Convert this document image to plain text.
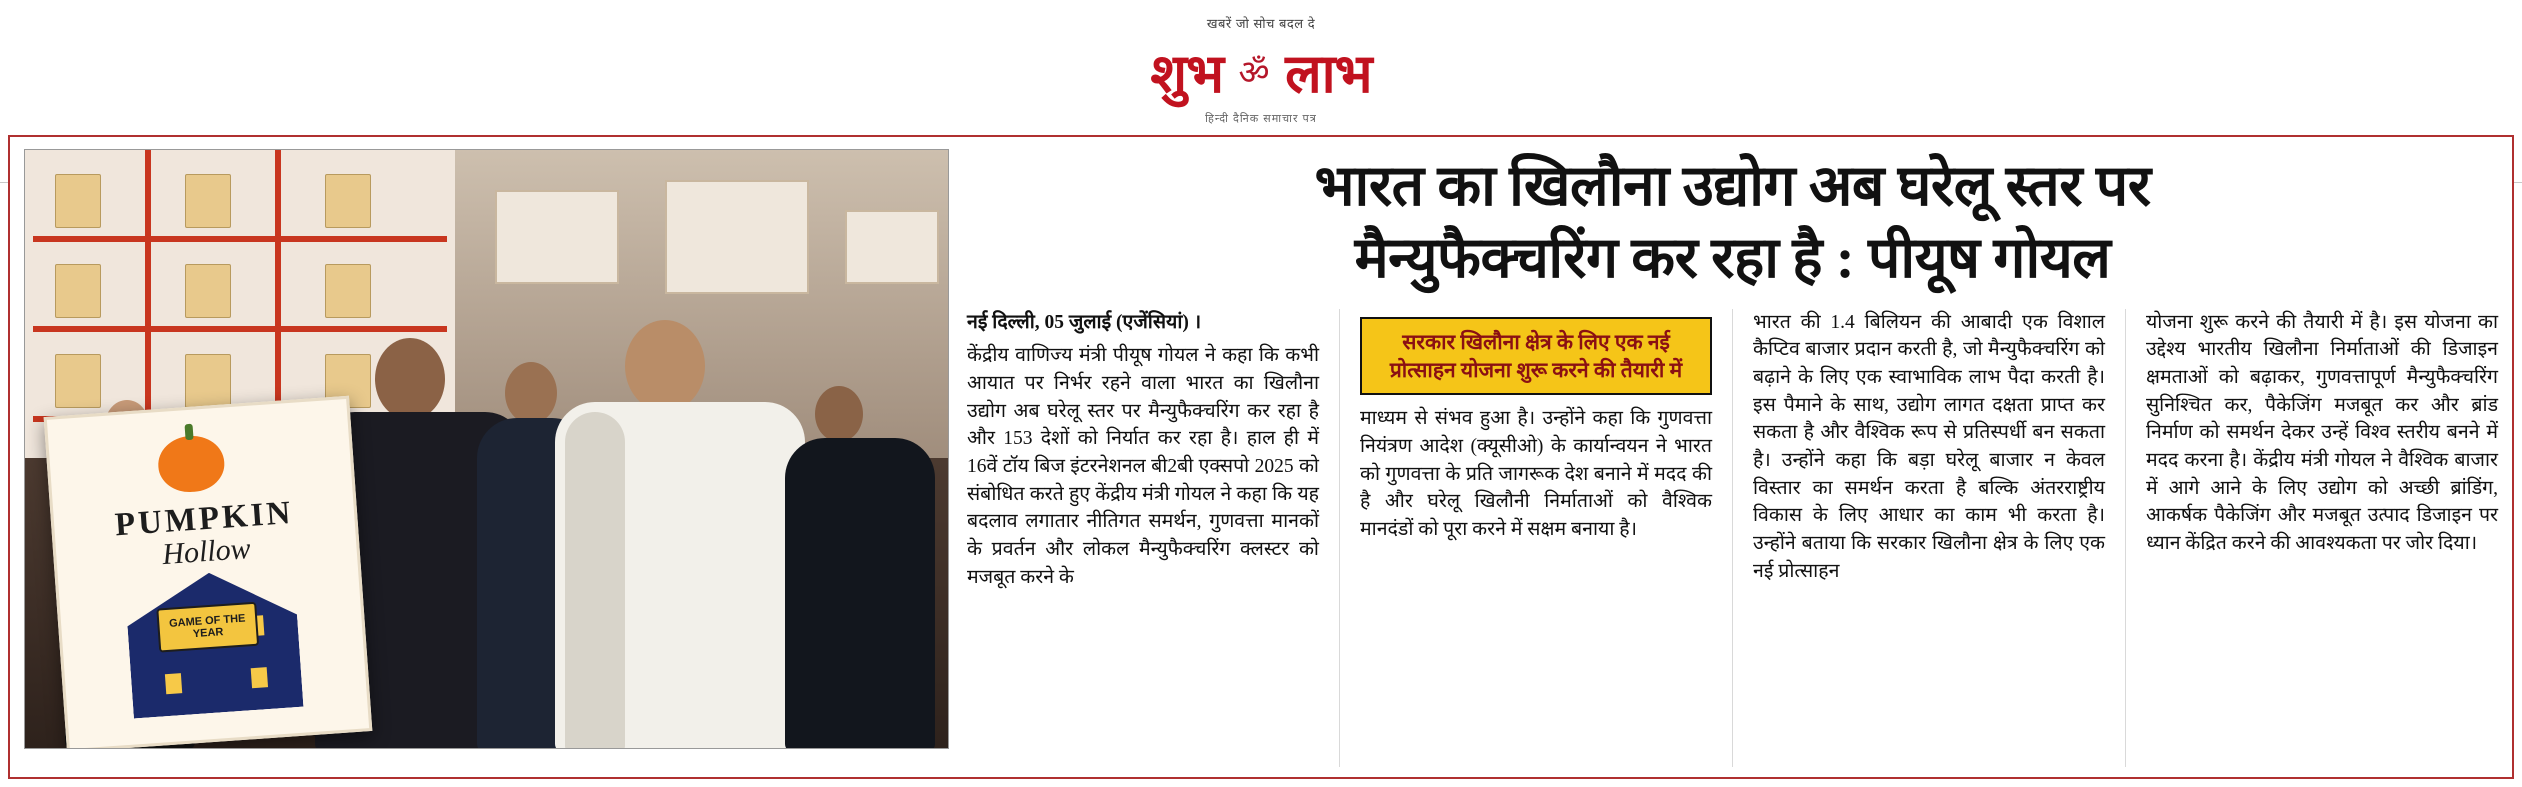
खबरें जो सोच बदल दे
शुभ ॐ लाभ
हिन्दी दैनिक समाचार पत्र
PUMPKIN
Hollow
GAME OF THE YEAR
भारत का खिलौना उद्योग अब घरेलू स्तर पर
मैन्युफैक्चरिंग कर रहा है : पीयूष गोयल

नई दिल्ली, 05 जुलाई (एजेंसियां) ।

केंद्रीय वाणिज्य मंत्री पीयूष गोयल ने कहा कि कभी आयात पर निर्भर रहने वाला भारत का खिलौना उद्योग अब घरेलू स्तर पर मैन्युफैक्चरिंग कर रहा है और 153 देशों को निर्यात कर रहा है। हाल ही में 16वें टॉय बिज इंटरनेशनल बी2बी एक्सपो 2025 को संबोधित करते हुए केंद्रीय मंत्री गोयल ने कहा कि यह बदलाव लगातार नीतिगत समर्थन, गुणवत्ता मानकों के प्रवर्तन और लोकल मैन्युफैक्चरिंग क्लस्टर को मजबूत करने के

सरकार खिलौना क्षेत्र के लिए एक नई प्रोत्साहन योजना शुरू करने की तैयारी में

माध्यम से संभव हुआ है। उन्होंने कहा कि गुणवत्ता नियंत्रण आदेश (क्यूसीओ) के कार्यान्वयन ने भारत को गुणवत्ता के प्रति जागरूक देश बनाने में मदद की है और घरेलू खिलौनी निर्माताओं को वैश्विक मानदंडों को पूरा करने में सक्षम बनाया है।

भारत की 1.4 बिलियन की आबादी एक विशाल कैप्टिव बाजार प्रदान करती है, जो मैन्युफैक्चरिंग को बढ़ाने के लिए एक स्वाभाविक लाभ पैदा करती है। इस पैमाने के साथ, उद्योग लागत दक्षता प्राप्त कर सकता है और वैश्विक रूप से प्रतिस्पर्धी बन सकता है। उन्होंने कहा कि बड़ा घरेलू बाजार न केवल विस्तार का समर्थन करता है बल्कि अंतरराष्ट्रीय विकास के लिए आधार का काम भी करता है। उन्होंने बताया कि सरकार खिलौना क्षेत्र के लिए एक नई प्रोत्साहन

योजना शुरू करने की तैयारी में है। इस योजना का उद्देश्य भारतीय खिलौना निर्माताओं की डिजाइन क्षमताओं को बढ़ाकर, गुणवत्तापूर्ण मैन्युफैक्चरिंग सुनिश्चित कर, पैकेजिंग मजबूत कर और ब्रांड निर्माण को समर्थन देकर उन्हें विश्व स्तरीय बनने में मदद करना है। केंद्रीय मंत्री गोयल ने वैश्विक बाजार में आगे आने के लिए उद्योग को अच्छी ब्रांडिंग, आकर्षक पैकेजिंग और मजबूत उत्पाद डिजाइन पर ध्यान केंद्रित करने की आवश्यकता पर जोर दिया।
